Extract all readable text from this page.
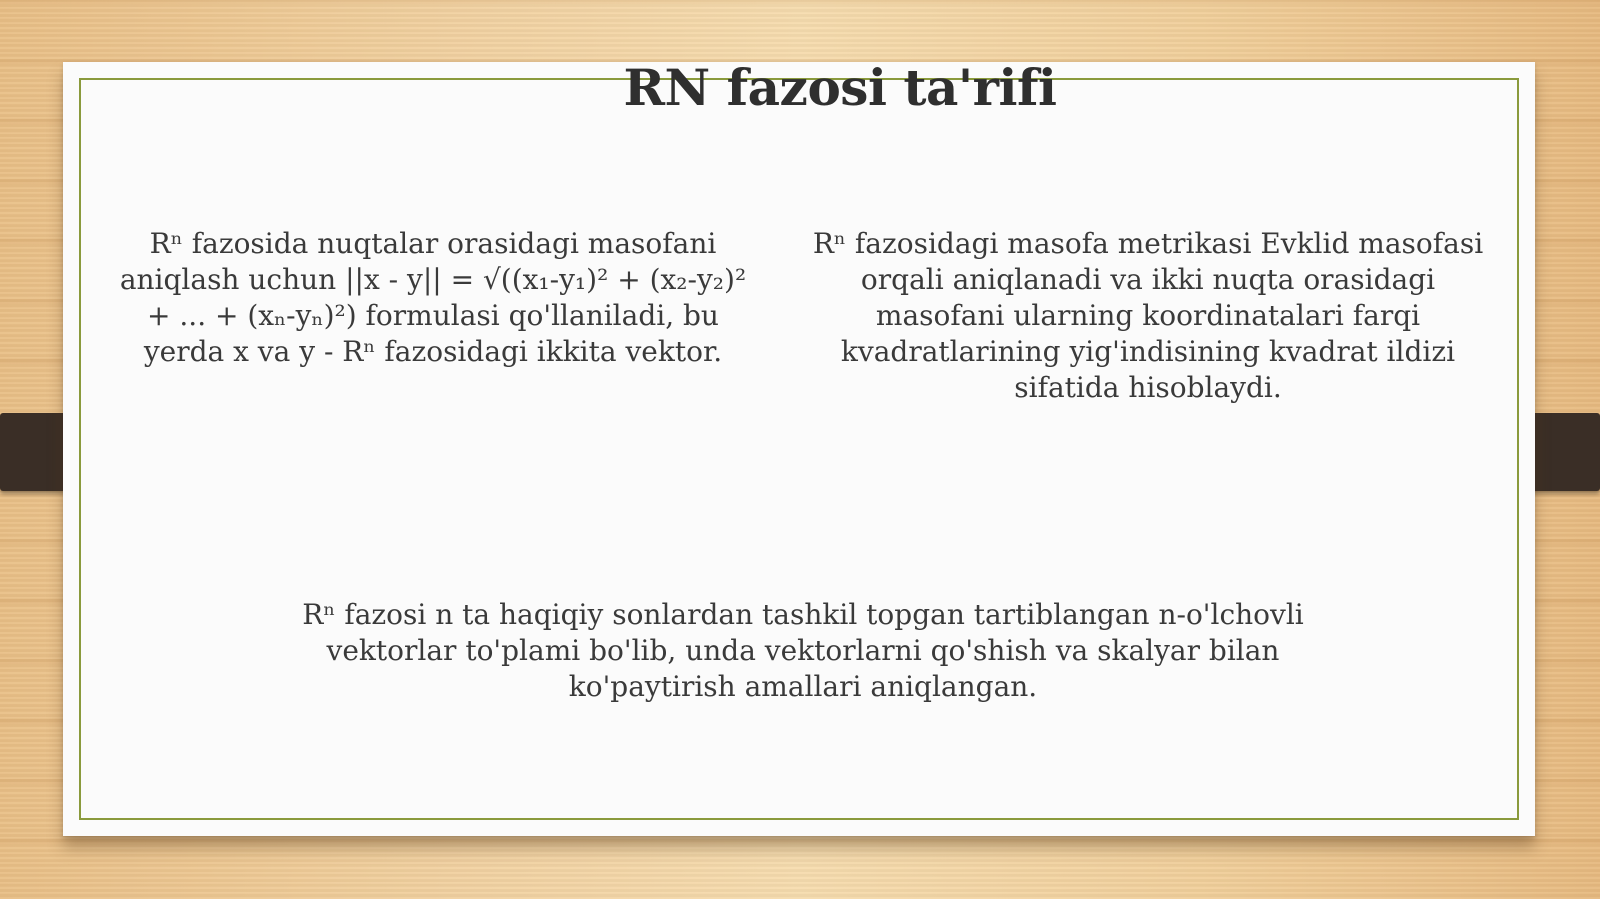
RN fazosi ta'rifi

Rⁿ fazosida nuqtalar orasidagi masofani aniqlash uchun ||x - y|| = √((x₁-y₁)² + (x₂-y₂)² + ... + (xₙ-yₙ)²) formulasi qo'llaniladi, bu yerda x va y - Rⁿ fazosidagi ikkita vektor.

Rⁿ fazosidagi masofa metrikasi Evklid masofasi orqali aniqlanadi va ikki nuqta orasidagi masofani ularning koordinatalari farqi kvadratlarining yig'indisining kvadrat ildizi sifatida hisoblaydi.

Rⁿ fazosi n ta haqiqiy sonlardan tashkil topgan tartiblangan n-o'lchovli vektorlar to'plami bo'lib, unda vektorlarni qo'shish va skalyar bilan ko'paytirish amallari aniqlangan.
